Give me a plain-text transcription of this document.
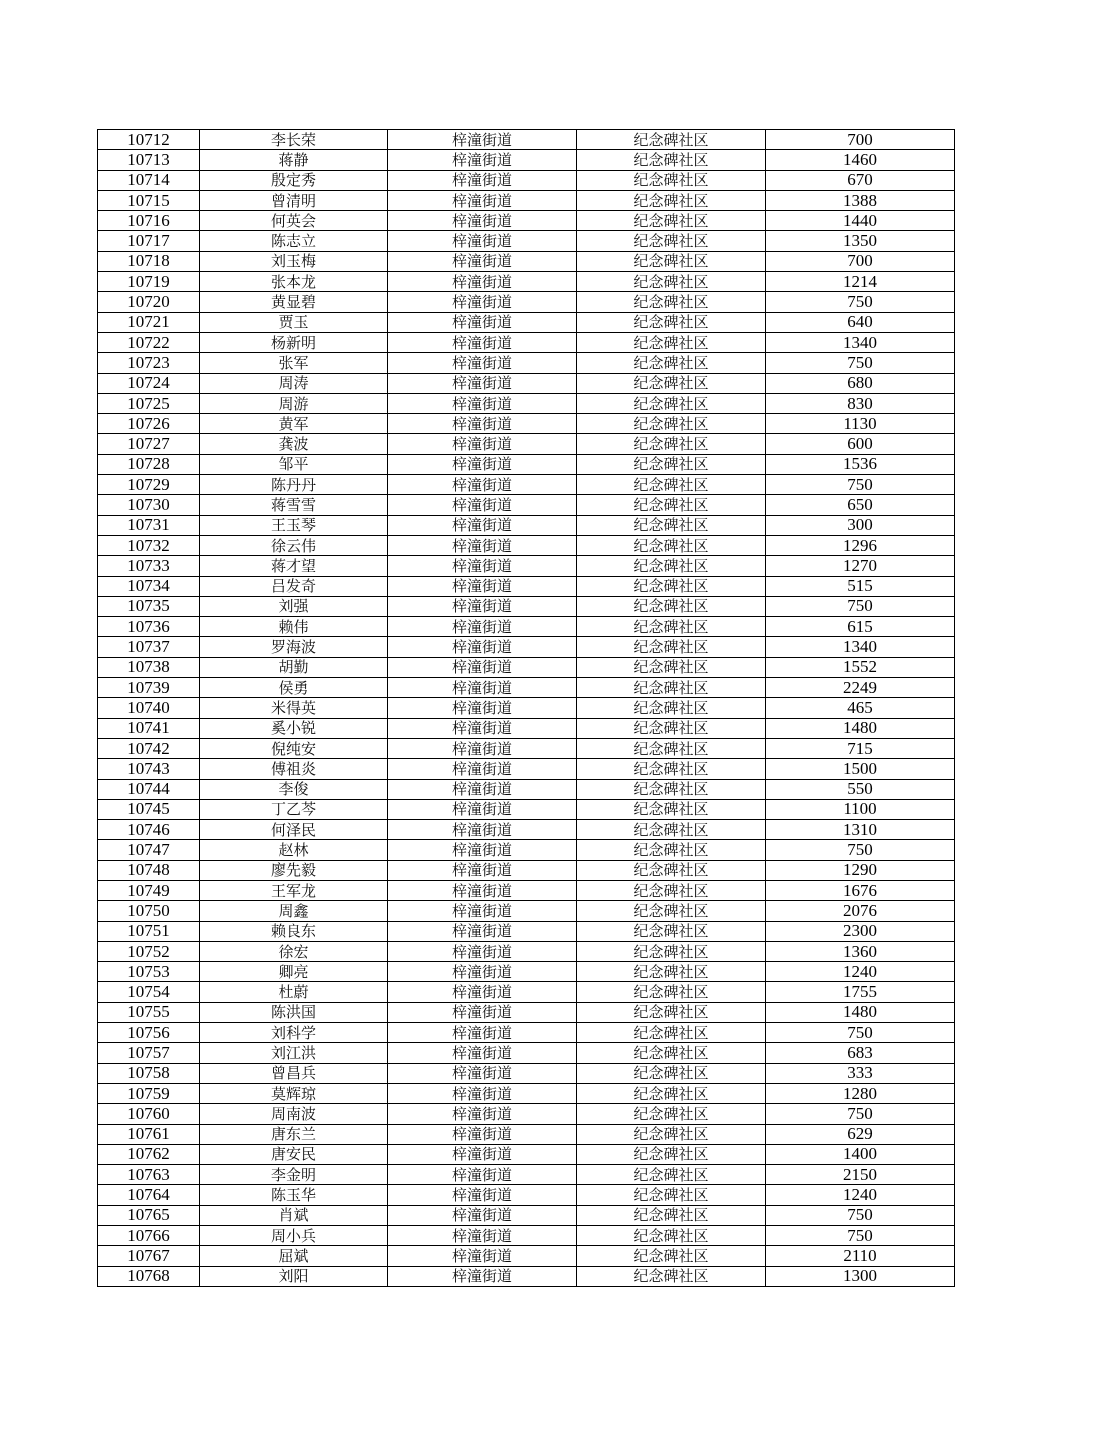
10712	李长荣	梓潼街道	纪念碑社区	700
10713	蒋静	梓潼街道	纪念碑社区	1460
10714	殷定秀	梓潼街道	纪念碑社区	670
10715	曾清明	梓潼街道	纪念碑社区	1388
10716	何英会	梓潼街道	纪念碑社区	1440
10717	陈志立	梓潼街道	纪念碑社区	1350
10718	刘玉梅	梓潼街道	纪念碑社区	700
10719	张本龙	梓潼街道	纪念碑社区	1214
10720	黄显碧	梓潼街道	纪念碑社区	750
10721	贾玉	梓潼街道	纪念碑社区	640
10722	杨新明	梓潼街道	纪念碑社区	1340
10723	张军	梓潼街道	纪念碑社区	750
10724	周涛	梓潼街道	纪念碑社区	680
10725	周游	梓潼街道	纪念碑社区	830
10726	黄军	梓潼街道	纪念碑社区	1130
10727	龚波	梓潼街道	纪念碑社区	600
10728	邹平	梓潼街道	纪念碑社区	1536
10729	陈丹丹	梓潼街道	纪念碑社区	750
10730	蒋雪雪	梓潼街道	纪念碑社区	650
10731	王玉琴	梓潼街道	纪念碑社区	300
10732	徐云伟	梓潼街道	纪念碑社区	1296
10733	蒋才望	梓潼街道	纪念碑社区	1270
10734	吕发奇	梓潼街道	纪念碑社区	515
10735	刘强	梓潼街道	纪念碑社区	750
10736	赖伟	梓潼街道	纪念碑社区	615
10737	罗海波	梓潼街道	纪念碑社区	1340
10738	胡勤	梓潼街道	纪念碑社区	1552
10739	侯勇	梓潼街道	纪念碑社区	2249
10740	米得英	梓潼街道	纪念碑社区	465
10741	奚小锐	梓潼街道	纪念碑社区	1480
10742	倪纯安	梓潼街道	纪念碑社区	715
10743	傅祖炎	梓潼街道	纪念碑社区	1500
10744	李俊	梓潼街道	纪念碑社区	550
10745	丁乙芩	梓潼街道	纪念碑社区	1100
10746	何泽民	梓潼街道	纪念碑社区	1310
10747	赵林	梓潼街道	纪念碑社区	750
10748	廖先毅	梓潼街道	纪念碑社区	1290
10749	王军龙	梓潼街道	纪念碑社区	1676
10750	周鑫	梓潼街道	纪念碑社区	2076
10751	赖良东	梓潼街道	纪念碑社区	2300
10752	徐宏	梓潼街道	纪念碑社区	1360
10753	卿亮	梓潼街道	纪念碑社区	1240
10754	杜蔚	梓潼街道	纪念碑社区	1755
10755	陈洪国	梓潼街道	纪念碑社区	1480
10756	刘科学	梓潼街道	纪念碑社区	750
10757	刘江洪	梓潼街道	纪念碑社区	683
10758	曾昌兵	梓潼街道	纪念碑社区	333
10759	莫辉琼	梓潼街道	纪念碑社区	1280
10760	周南波	梓潼街道	纪念碑社区	750
10761	唐东兰	梓潼街道	纪念碑社区	629
10762	唐安民	梓潼街道	纪念碑社区	1400
10763	李金明	梓潼街道	纪念碑社区	2150
10764	陈玉华	梓潼街道	纪念碑社区	1240
10765	肖斌	梓潼街道	纪念碑社区	750
10766	周小兵	梓潼街道	纪念碑社区	750
10767	屈斌	梓潼街道	纪念碑社区	2110
10768	刘阳	梓潼街道	纪念碑社区	1300
